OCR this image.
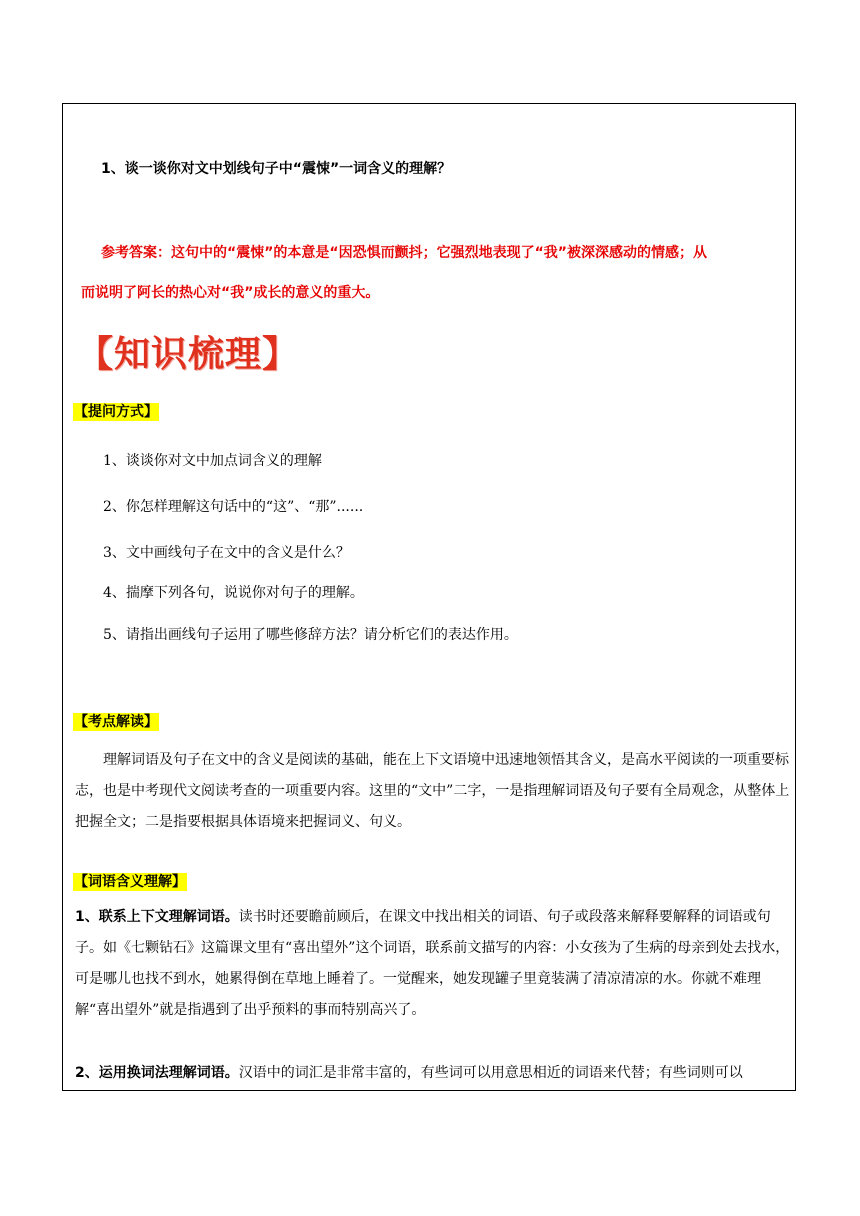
1、谈一谈你对文中划线句子中“震悚”一词含义的理解？
参考答案：这句中的“震悚”的本意是“因恐惧而颤抖；它强烈地表现了“我”被深深感动的情感；从
而说明了阿长的热心对“我”成长的意义的重大。
【知识梳理】
【提问方式】
1、谈谈你对文中加点词含义的理解
2、你怎样理解这句话中的“这”、“那”......
3、文中画线句子在文中的含义是什么？
4、揣摩下列各句，说说你对句子的理解。
5、请指出画线句子运用了哪些修辞方法？请分析它们的表达作用。
【考点解读】
理解词语及句子在文中的含义是阅读的基础，能在上下文语境中迅速地领悟其含义，是高水平阅读的一项重要标志，也是中考现代文阅读考查的一项重要内容。这里的“文中”二字，一是指理解词语及句子要有全局观念，从整体上把握全文；二是指要根据具体语境来把握词义、句义。
【词语含义理解】
1、联系上下文理解词语。读书时还要瞻前顾后，在课文中找出相关的词语、句子或段落来解释要解释的词语或句子。如《七颗钻石》这篇课文里有“喜出望外”这个词语，联系前文描写的内容：小女孩为了生病的母亲到处去找水，可是哪儿也找不到水，她累得倒在草地上睡着了。一觉醒来，她发现罐子里竟装满了清凉清凉的水。你就不难理解“喜出望外”就是指遇到了出乎预料的事而特别高兴了。
2、运用换词法理解词语。汉语中的词汇是非常丰富的，有些词可以用意思相近的词语来代替；有些词则可以
